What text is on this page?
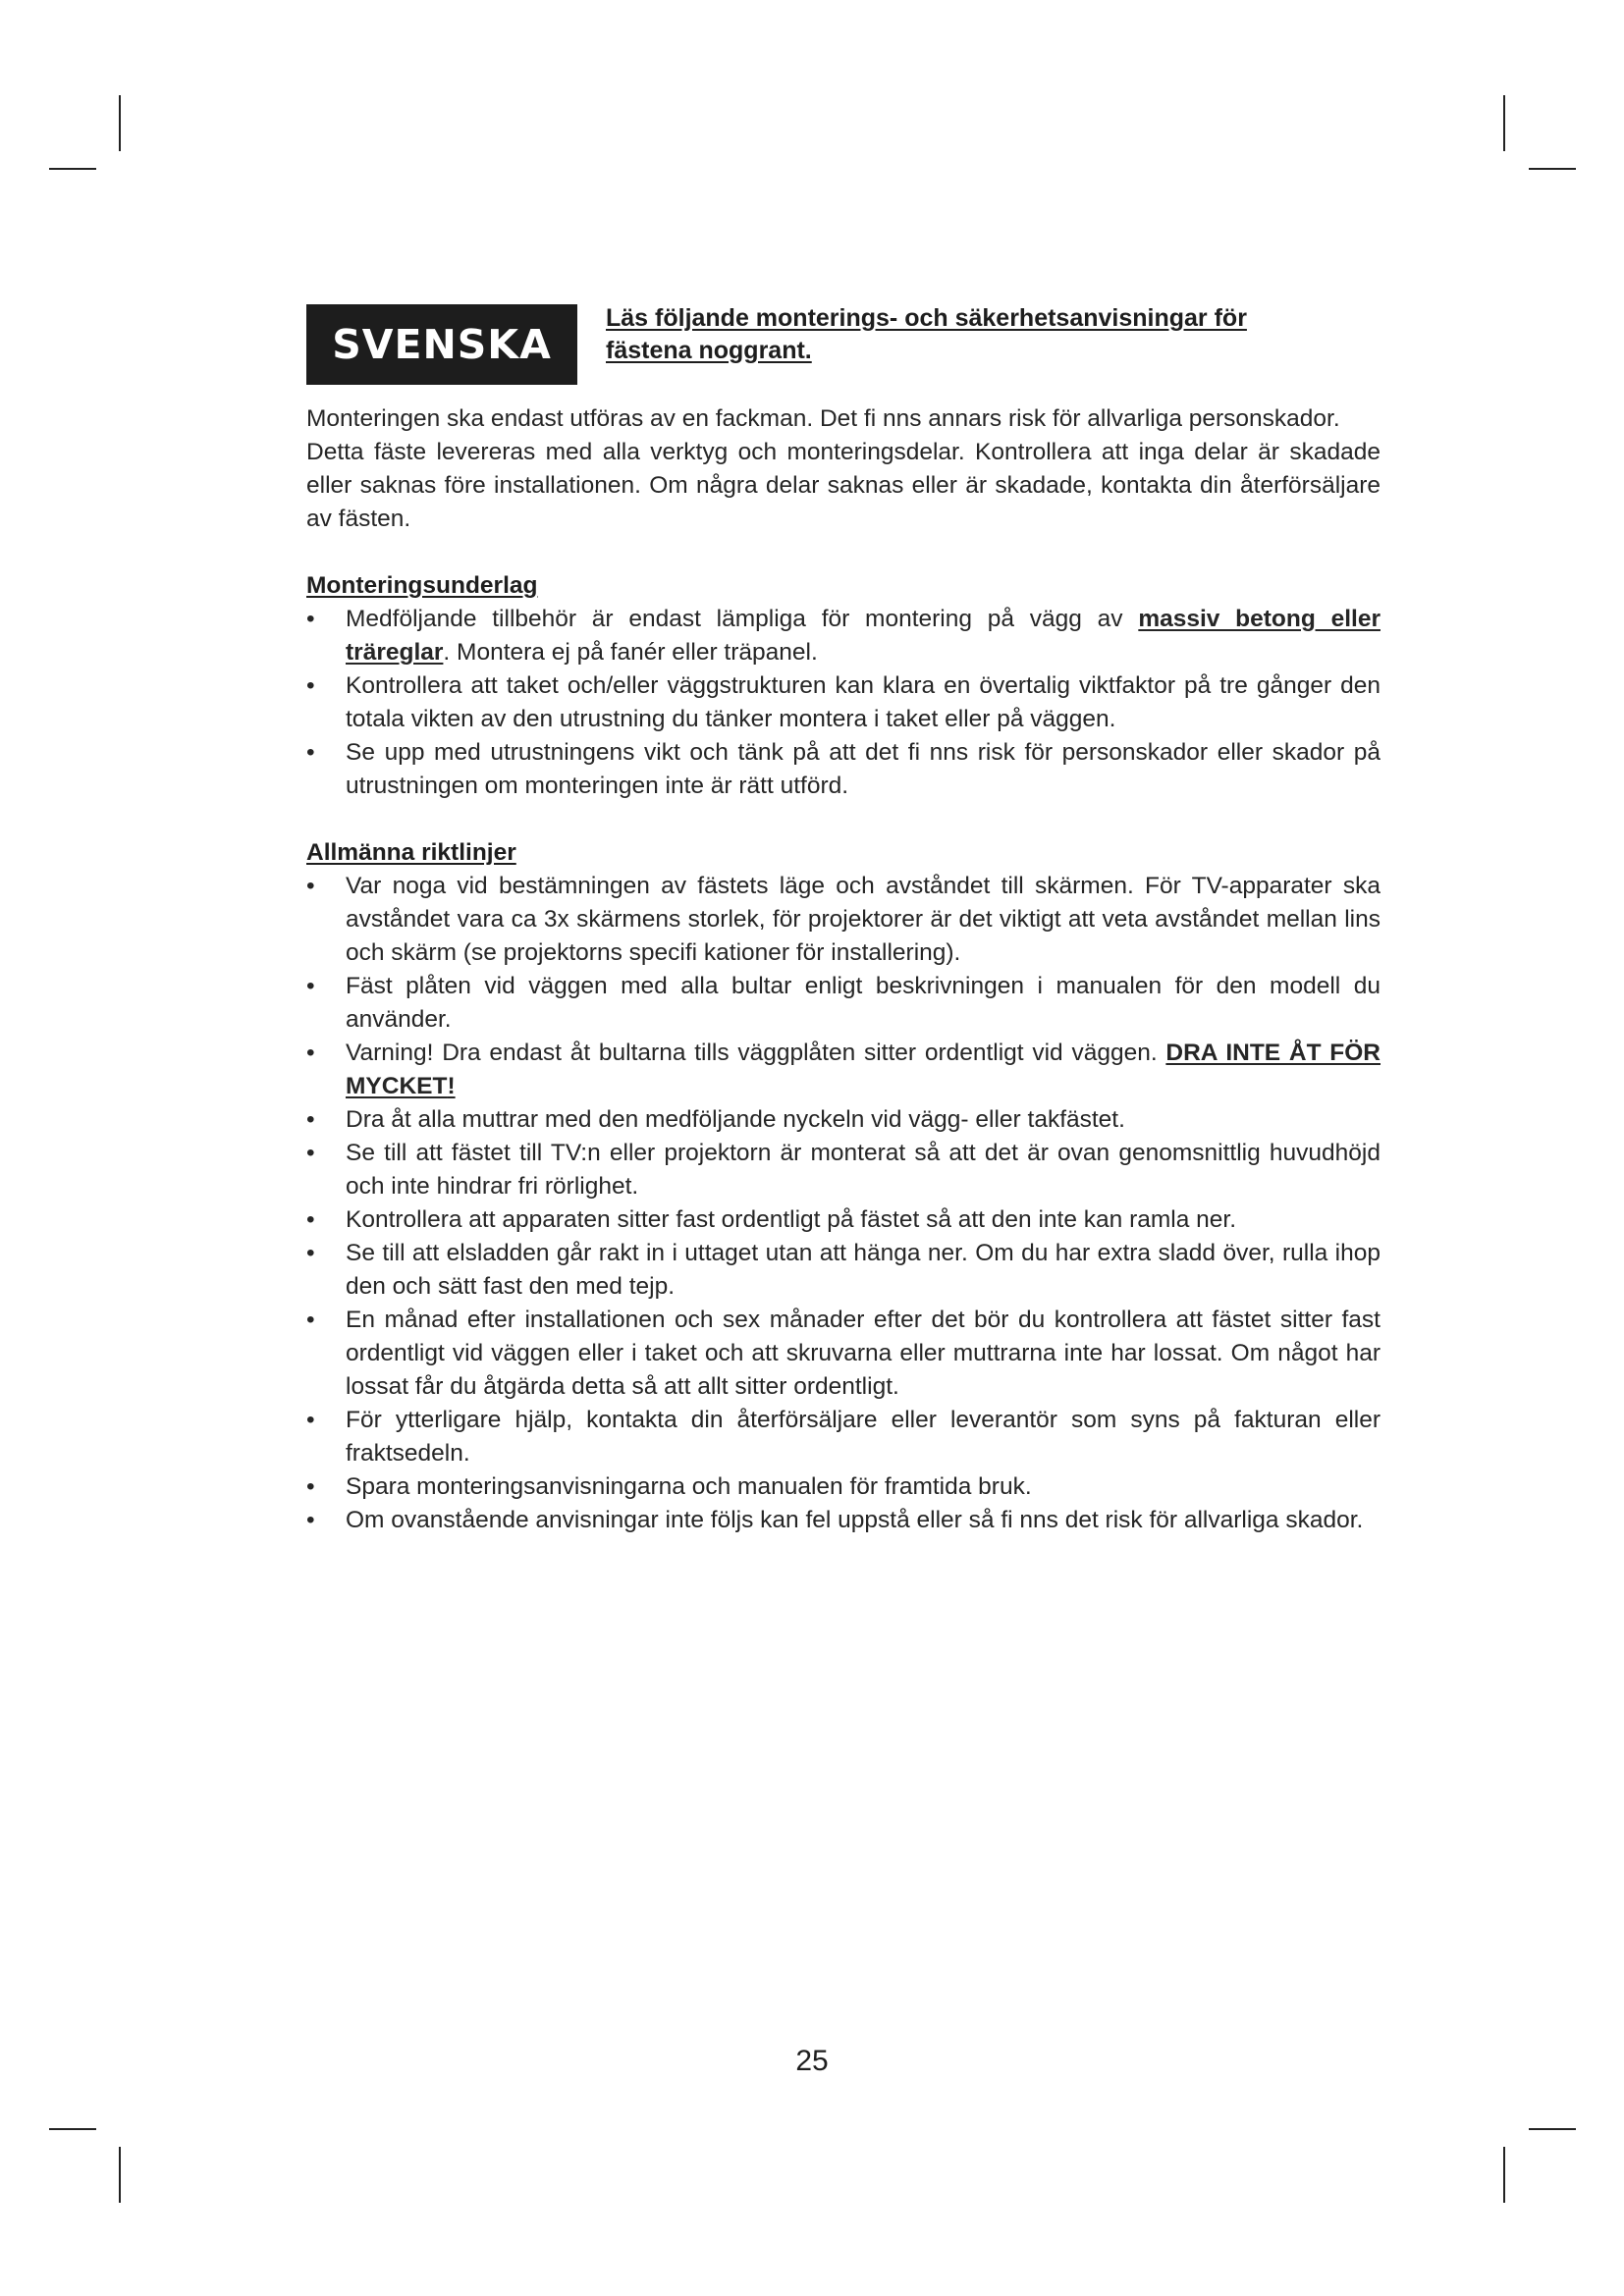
SVENSKA
Läs följande monterings- och säkerhetsanvisningar för fästena noggrant.

Monteringen ska endast utföras av en fackman. Det fi nns annars risk för allvarliga personskador.

Detta fäste levereras med alla verktyg och monteringsdelar. Kontrollera att inga delar är skadade eller saknas före installationen. Om några delar saknas eller är skadade, kontakta din återförsäljare av fästen.

Monteringsunderlag

•	Medföljande tillbehör är endast lämpliga för montering på vägg av massiv betong eller träreglar. Montera ej på fanér eller träpanel.
•	Kontrollera att taket och/eller väggstrukturen kan klara en övertalig viktfaktor på tre gånger den totala vikten av den utrustning du tänker montera i taket eller på väggen.
•	Se upp med utrustningens vikt och tänk på att det fi nns risk för personskador eller skador på utrustningen om monteringen inte är rätt utförd.

Allmänna riktlinjer

•	Var noga vid bestämningen av fästets läge och avståndet till skärmen. För TV-apparater ska avståndet vara ca 3x skärmens storlek, för projektorer är det viktigt att veta avståndet mellan lins och skärm (se projektorns specifi kationer för installering).
•	Fäst plåten vid väggen med alla bultar enligt beskrivningen i manualen för den modell du använder.
•	Varning! Dra endast åt bultarna tills väggplåten sitter ordentligt vid väggen. DRA INTE ÅT FÖR MYCKET!
•	Dra åt alla muttrar med den medföljande nyckeln vid vägg- eller takfästet.
•	Se till att fästet till TV:n eller projektorn är monterat så att det är ovan genomsnittlig huvudhöjd och inte hindrar fri rörlighet.
•	Kontrollera att apparaten sitter fast ordentligt på fästet så att den inte kan ramla ner.
•	Se till att elsladden går rakt in i uttaget utan att hänga ner. Om du har extra sladd över, rulla ihop den och sätt fast den med tejp.
•	En månad efter installationen och sex månader efter det bör du kontrollera att fästet sitter fast ordentligt vid väggen eller i taket och att skruvarna eller muttrarna inte har lossat. Om något har lossat får du åtgärda detta så att allt sitter ordentligt.
•	För ytterligare hjälp, kontakta din återförsäljare eller leverantör som syns på fakturan eller fraktsedeln.
•	Spara monteringsanvisningarna och manualen för framtida bruk.
•	Om ovanstående anvisningar inte följs kan fel uppstå eller så fi nns det risk för allvarliga skador.
25
